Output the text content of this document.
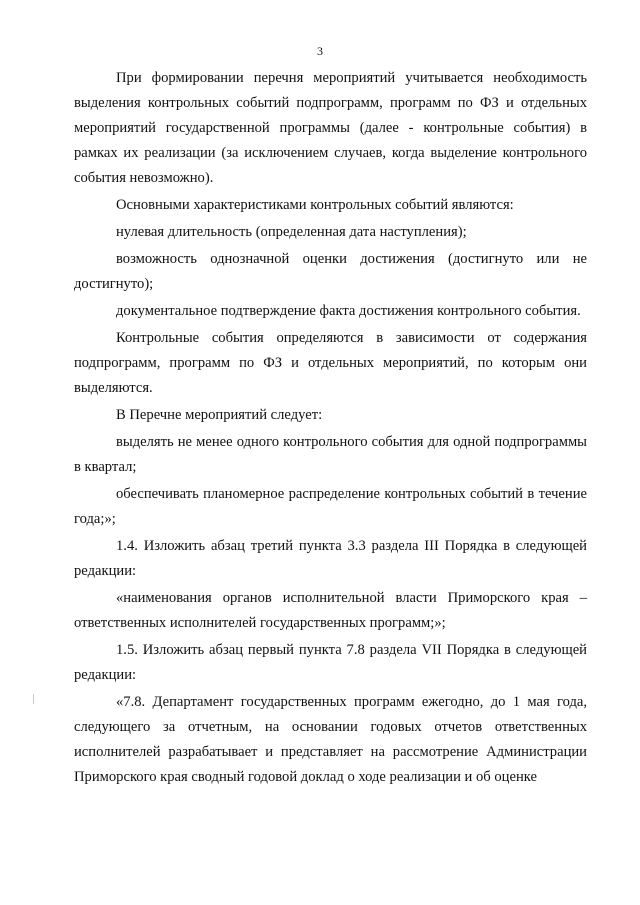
3

При формировании перечня мероприятий учитывается необходимость выделения контрольных событий подпрограмм, программ по ФЗ и отдельных мероприятий государственной программы (далее - контрольные события) в рамках их реализации (за исключением случаев, когда выделение контрольного события невозможно).

Основными характеристиками контрольных событий являются:

нулевая длительность (определенная дата наступления);

возможность однозначной оценки достижения (достигнуто или не достигнуто);

документальное подтверждение факта достижения контрольного события.

Контрольные события определяются в зависимости от содержания подпрограмм, программ по ФЗ и отдельных мероприятий, по которым они выделяются.

В Перечне мероприятий следует:

выделять не менее одного контрольного события для одной подпрограммы в квартал;

обеспечивать планомерное распределение контрольных событий в течение года;»;

1.4. Изложить абзац третий пункта 3.3 раздела III Порядка в следующей редакции:

«наименования органов исполнительной власти Приморского края – ответственных исполнителей государственных программ;»;

1.5. Изложить абзац первый пункта 7.8 раздела VII Порядка в следующей редакции:

«7.8. Департамент государственных программ ежегодно, до 1 мая года, следующего за отчетным, на основании годовых отчетов ответственных исполнителей разрабатывает и представляет на рассмотрение Администрации Приморского края сводный годовой доклад о ходе реализации и об оценке
